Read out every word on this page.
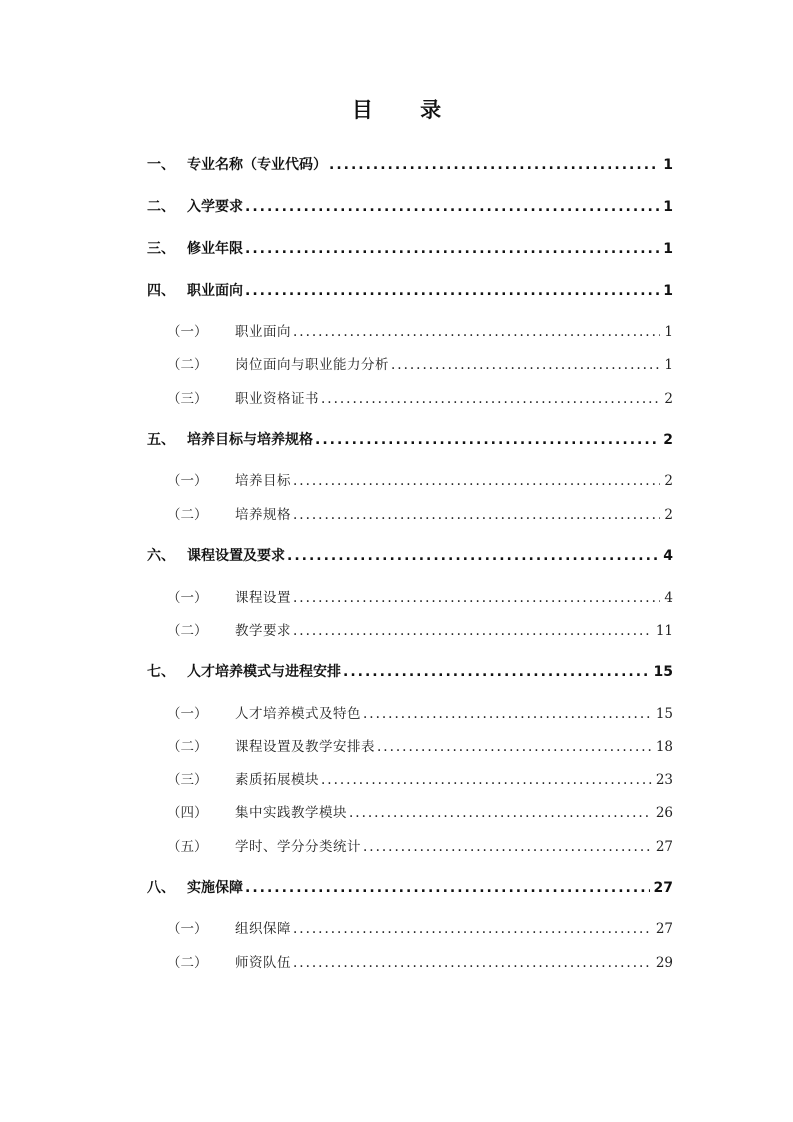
目 录
一、 专业名称（专业代码） .....	1
二、 入学要求 .....	1
三、 修业年限 .....	1
四、 职业面向 .....	1
（一）	职业面向 .....	1
（二）	岗位面向与职业能力分析 .....	1
（三）	职业资格证书 .....	2
五、 培养目标与培养规格 .....	2
（一）	培养目标 .....	2
（二）	培养规格 .....	2
六、 课程设置及要求 .....	4
（一）	课程设置 .....	4
（二）	教学要求 .....	11
七、 人才培养模式与进程安排 .....	15
（一）	人才培养模式及特色 .....	15
（二）	课程设置及教学安排表 .....	18
（三）	素质拓展模块 .....	23
（四）	集中实践教学模块 .....	26
（五）	学时、学分分类统计 .....	27
八、 实施保障 .....	27
（一）	组织保障 .....	27
（二）	师资队伍 .....	29
